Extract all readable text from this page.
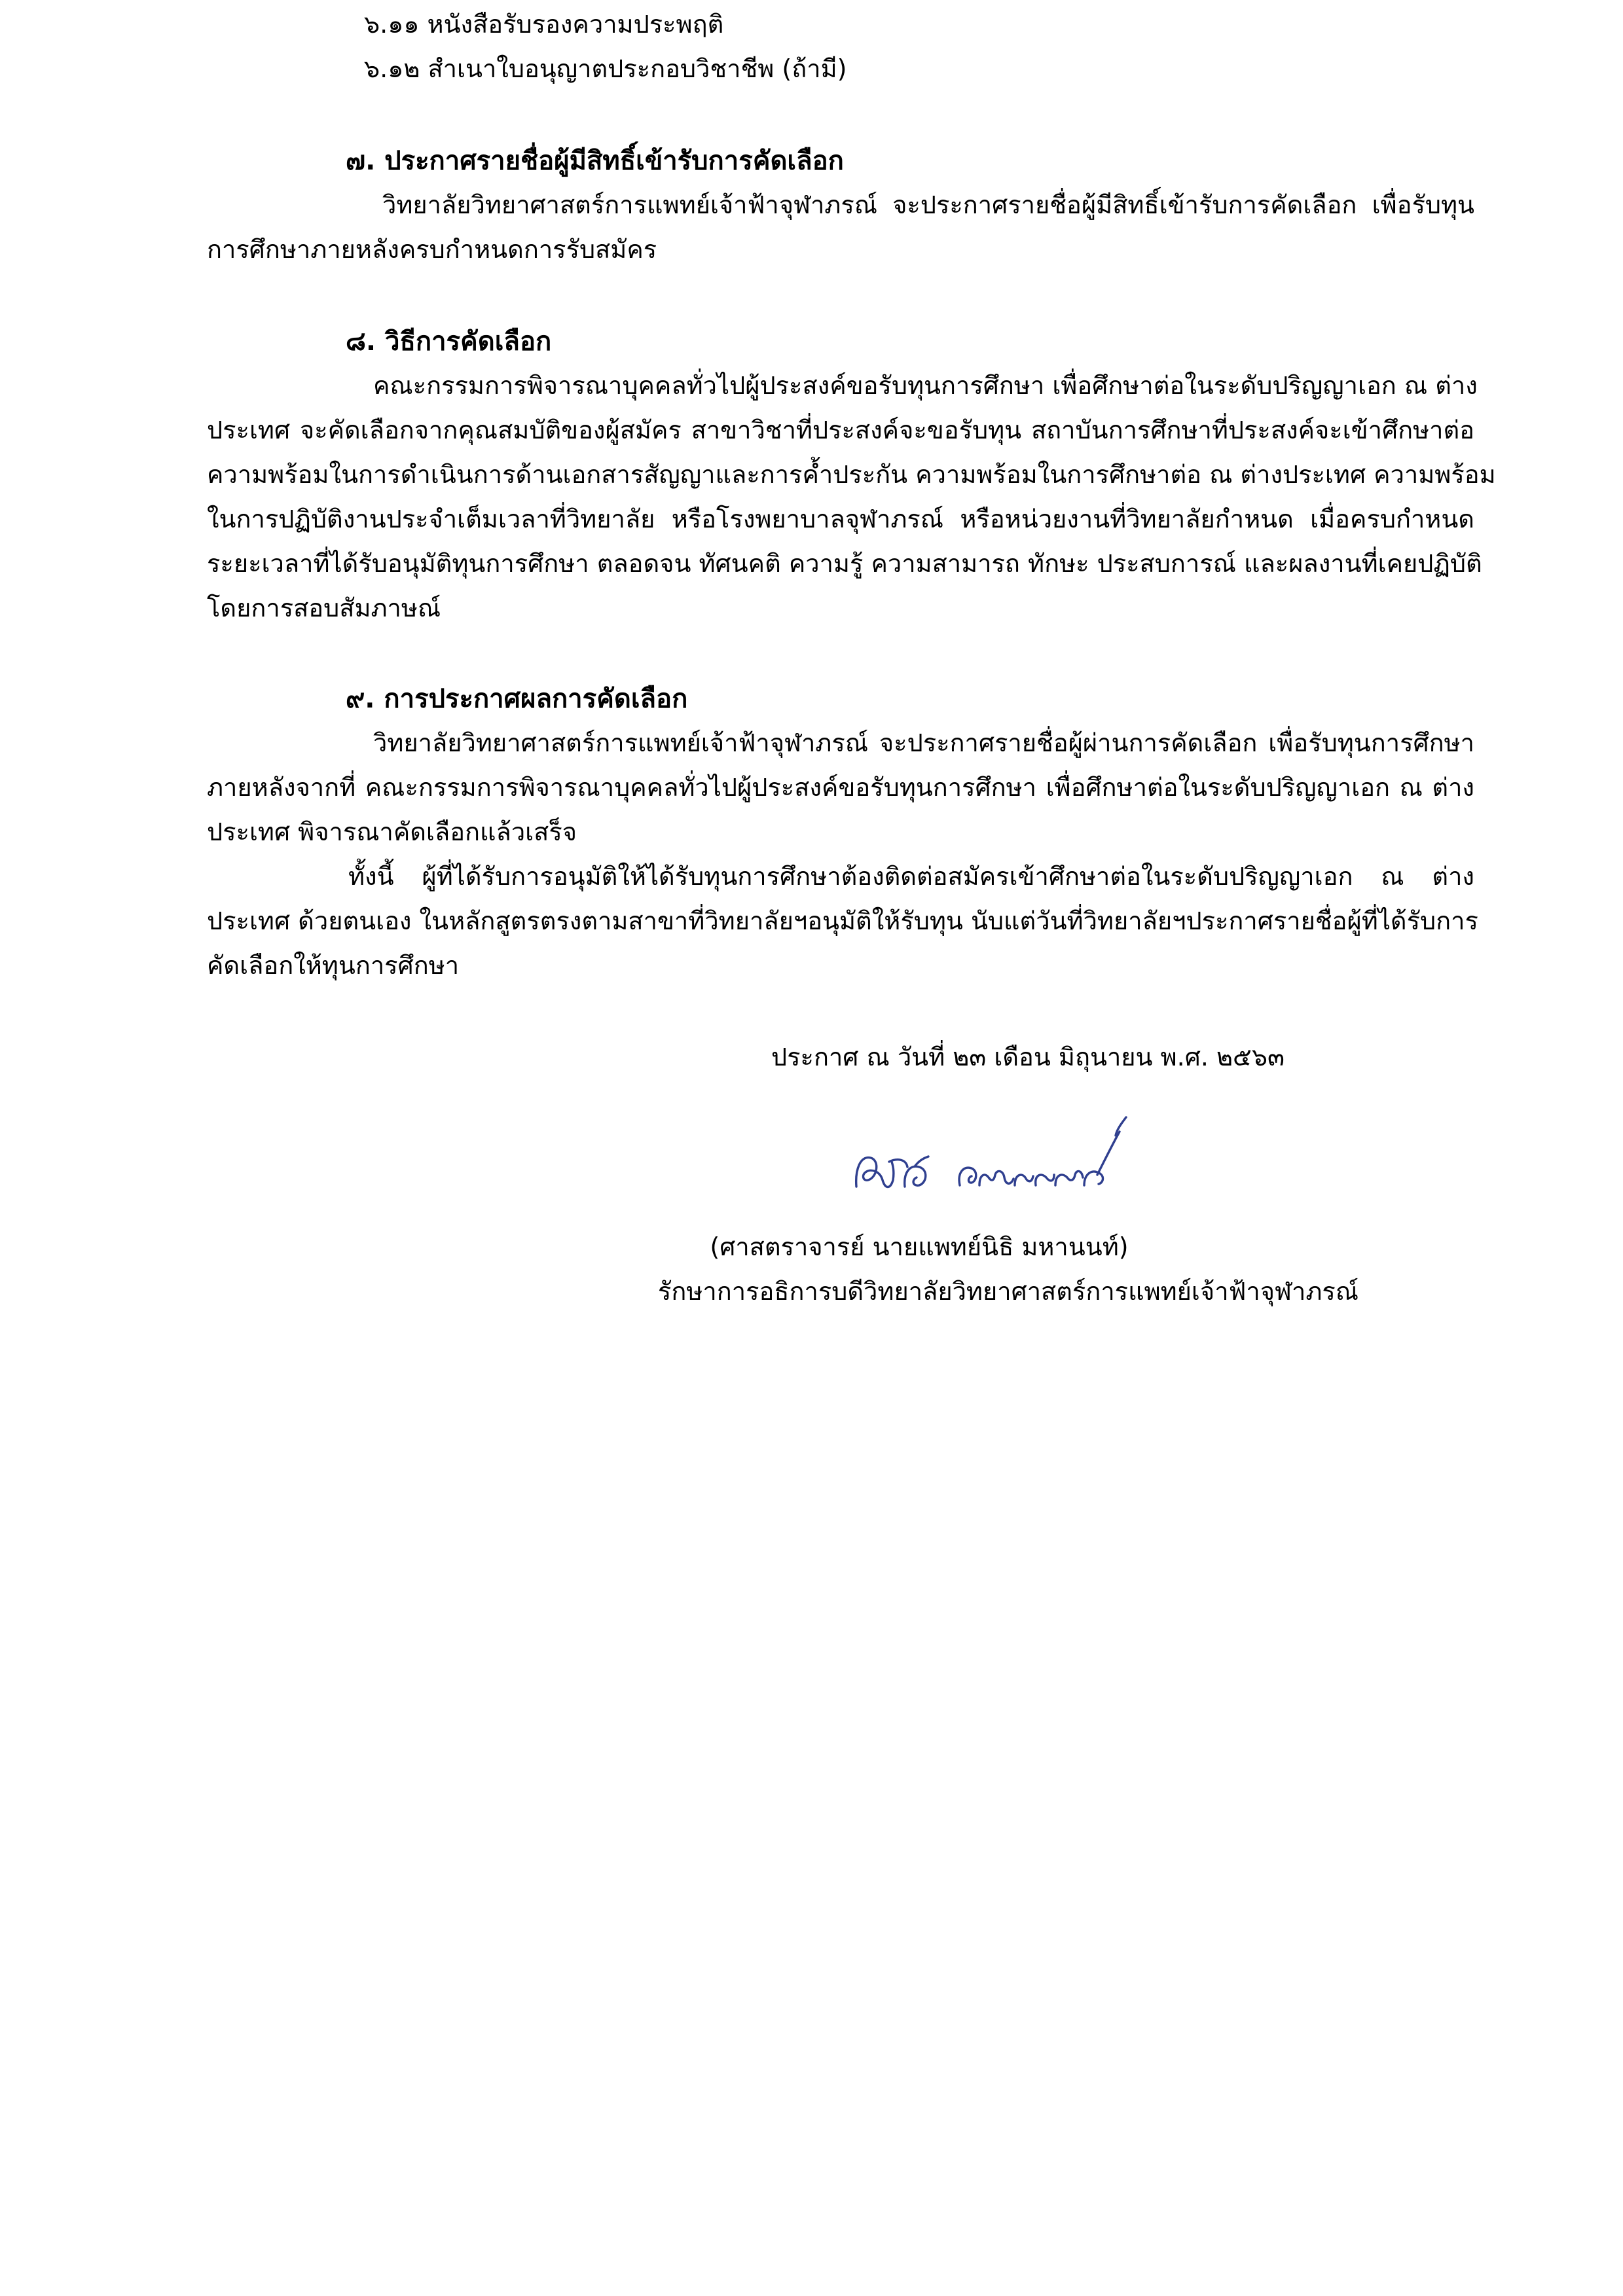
๖.๑๑ หนังสือรับรองความประพฤติ
๖.๑๒ สำเนาใบอนุญาตประกอบวิชาชีพ (ถ้ามี)
๗. ประกาศรายชื่อผู้มีสิทธิ์เข้ารับการคัดเลือก
วิทยาลัยวิทยาศาสตร์การแพทย์เจ้าฟ้าจุฬาภรณ์ จะประกาศรายชื่อผู้มีสิทธิ์เข้ารับการคัดเลือก เพื่อรับทุน
การศึกษาภายหลังครบกำหนดการรับสมัคร
๘. วิธีการคัดเลือก
คณะกรรมการพิจารณาบุคคลทั่วไปผู้ประสงค์ขอรับทุนการศึกษา เพื่อศึกษาต่อในระดับปริญญาเอก ณ ต่าง
ประเทศ จะคัดเลือกจากคุณสมบัติของผู้สมัคร สาขาวิชาที่ประสงค์จะขอรับทุน สถาบันการศึกษาที่ประสงค์จะเข้าศึกษาต่อ
ความพร้อมในการดำเนินการด้านเอกสารสัญญาและการค้ำประกัน ความพร้อมในการศึกษาต่อ ณ ต่างประเทศ ความพร้อม
ในการปฏิบัติงานประจำเต็มเวลาที่วิทยาลัย หรือโรงพยาบาลจุฬาภรณ์ หรือหน่วยงานที่วิทยาลัยกำหนด เมื่อครบกำหนด
ระยะเวลาที่ได้รับอนุมัติทุนการศึกษา ตลอดจน ทัศนคติ ความรู้ ความสามารถ ทักษะ ประสบการณ์ และผลงานที่เคยปฏิบัติ
โดยการสอบสัมภาษณ์
๙. การประกาศผลการคัดเลือก
วิทยาลัยวิทยาศาสตร์การแพทย์เจ้าฟ้าจุฬาภรณ์ จะประกาศรายชื่อผู้ผ่านการคัดเลือก เพื่อรับทุนการศึกษา
ภายหลังจากที่ คณะกรรมการพิจารณาบุคคลทั่วไปผู้ประสงค์ขอรับทุนการศึกษา เพื่อศึกษาต่อในระดับปริญญาเอก ณ ต่าง
ประเทศ พิจารณาคัดเลือกแล้วเสร็จ
ทั้งนี้ ผู้ที่ได้รับการอนุมัติให้ได้รับทุนการศึกษาต้องติดต่อสมัครเข้าศึกษาต่อในระดับปริญญาเอก ณ ต่าง
ประเทศ ด้วยตนเอง ในหลักสูตรตรงตามสาขาที่วิทยาลัยฯอนุมัติให้รับทุน นับแต่วันที่วิทยาลัยฯประกาศรายชื่อผู้ที่ได้รับการ
คัดเลือกให้ทุนการศึกษา
ประกาศ ณ วันที่ ๒๓ เดือน มิถุนายน พ.ศ. ๒๕๖๓
(ศาสตราจารย์ นายแพทย์นิธิ มหานนท์)
รักษาการอธิการบดีวิทยาลัยวิทยาศาสตร์การแพทย์เจ้าฟ้าจุฬาภรณ์
